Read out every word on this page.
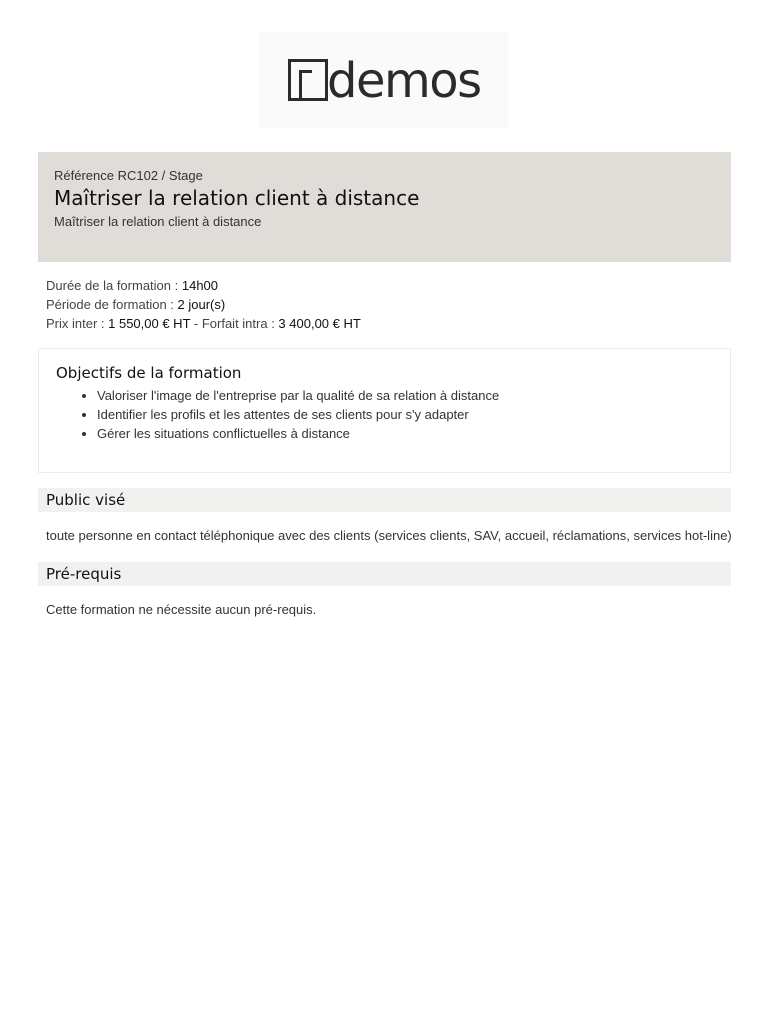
demos
Référence RC102 / Stage
Maîtriser la relation client à distance
Maîtriser la relation client à distance
Durée de la formation : 14h00
Période de formation : 2 jour(s)
Prix inter : 1 550,00 € HT - Forfait intra : 3 400,00 € HT
Objectifs de la formation
• Valoriser l'image de l'entreprise par la qualité de sa relation à distance
• Identifier les profils et les attentes de ses clients pour s'y adapter
• Gérer les situations conflictuelles à distance
Public visé
toute personne en contact téléphonique avec des clients (services clients, SAV, accueil, réclamations, services hot-line)
Pré-requis
Cette formation ne nécessite aucun pré-requis.
